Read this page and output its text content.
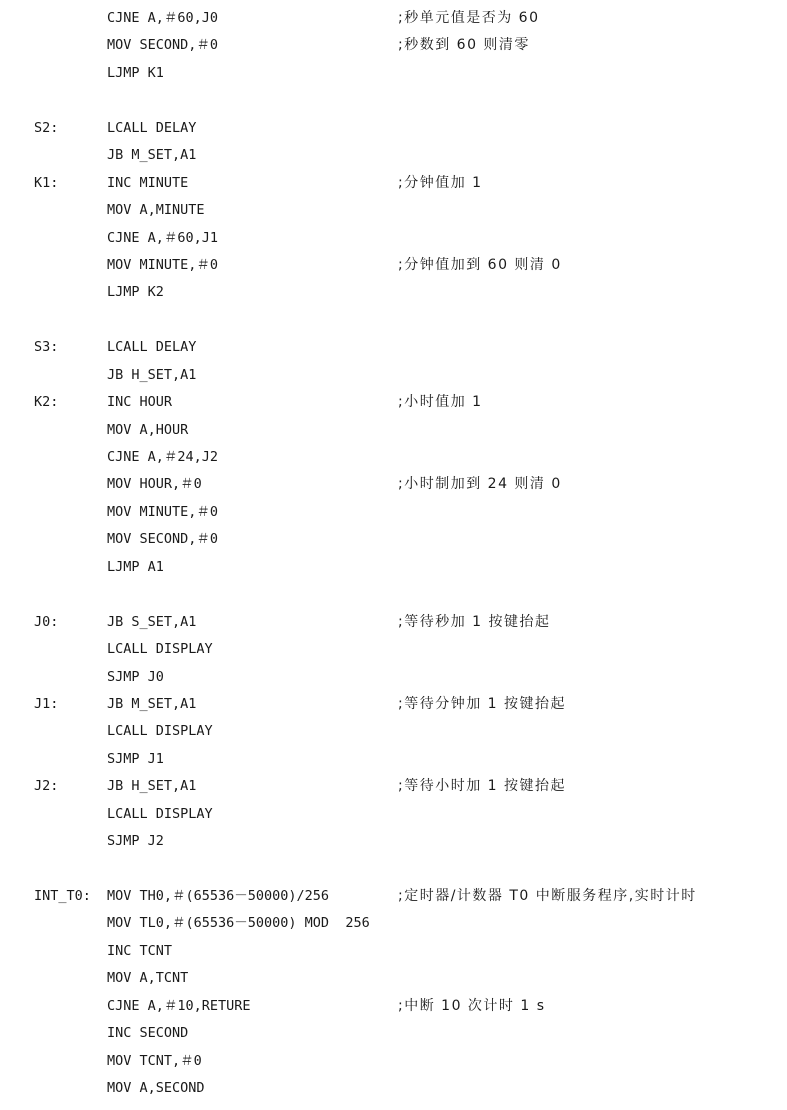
CJNE A,＃60,J0	;秒单元值是否为 60
MOV SECOND,＃0	;秒数到 60 则清零
LJMP K1
S2:	LCALL DELAY
JB M_SET,A1
K1:	INC MINUTE	;分钟值加 1
MOV A,MINUTE
CJNE A,＃60,J1
MOV MINUTE,＃0	;分钟值加到 60 则清 0
LJMP K2
S3:	LCALL DELAY
JB H_SET,A1
K2:	INC HOUR	;小时值加 1
MOV A,HOUR
CJNE A,＃24,J2
MOV HOUR,＃0	;小时制加到 24 则清 0
MOV MINUTE,＃0
MOV SECOND,＃0
LJMP A1
J0:	JB S_SET,A1	;等待秒加 1 按键抬起
LCALL DISPLAY
SJMP J0
J1:	JB M_SET,A1	;等待分钟加 1 按键抬起
LCALL DISPLAY
SJMP J1
J2:	JB H_SET,A1	;等待小时加 1 按键抬起
LCALL DISPLAY
SJMP J2
INT_T0: MOV TH0,＃(65536－50000)/256	;定时器/计数器 T0 中断服务程序,实时计时
MOV TL0,＃(65536－50000) MOD  256
INC TCNT
MOV A,TCNT
CJNE A,＃10,RETURE	;中断 10 次计时 1 s
INC SECOND
MOV TCNT,＃0
MOV A,SECOND
